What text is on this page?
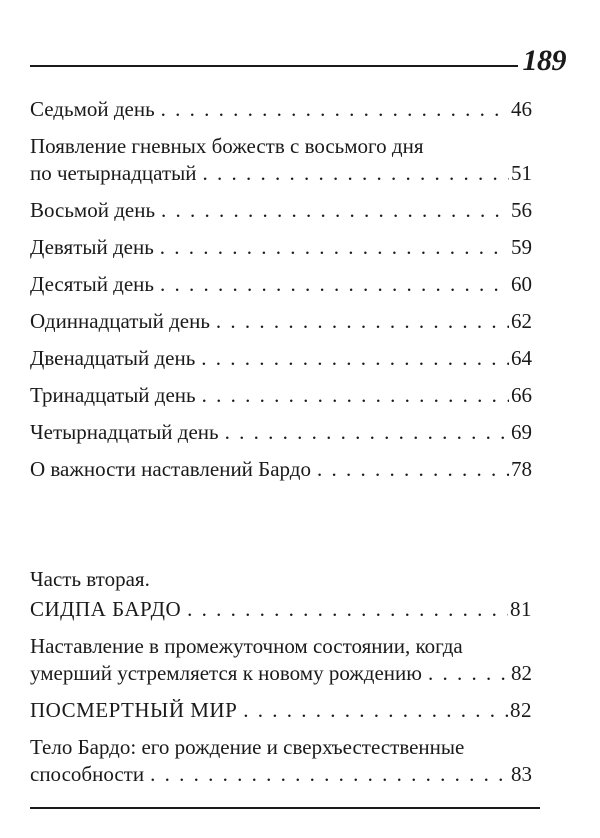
189
Седьмой день . . .	46
Появление гневных божеств с восьмого дня
по четырнадцатый . . .	51
Восьмой день . . .	56
Девятый день . . .	59
Десятый день . . .	60
Одиннадцатый день . . .	62
Двенадцатый день . . .	64
Тринадцатый день . . .	66
Четырнадцатый день . . .	69
О важности наставлений Бардо . . .	78
Часть вторая.
СИДПА БАРДО . . .	81
Наставление в промежуточном состоянии, когда
умерший устремляется к новому рождению . . .	82
ПОСМЕРТНЫЙ МИР . . .	82
Тело Бардо: его рождение и сверхъестественные
способности . . .	83
